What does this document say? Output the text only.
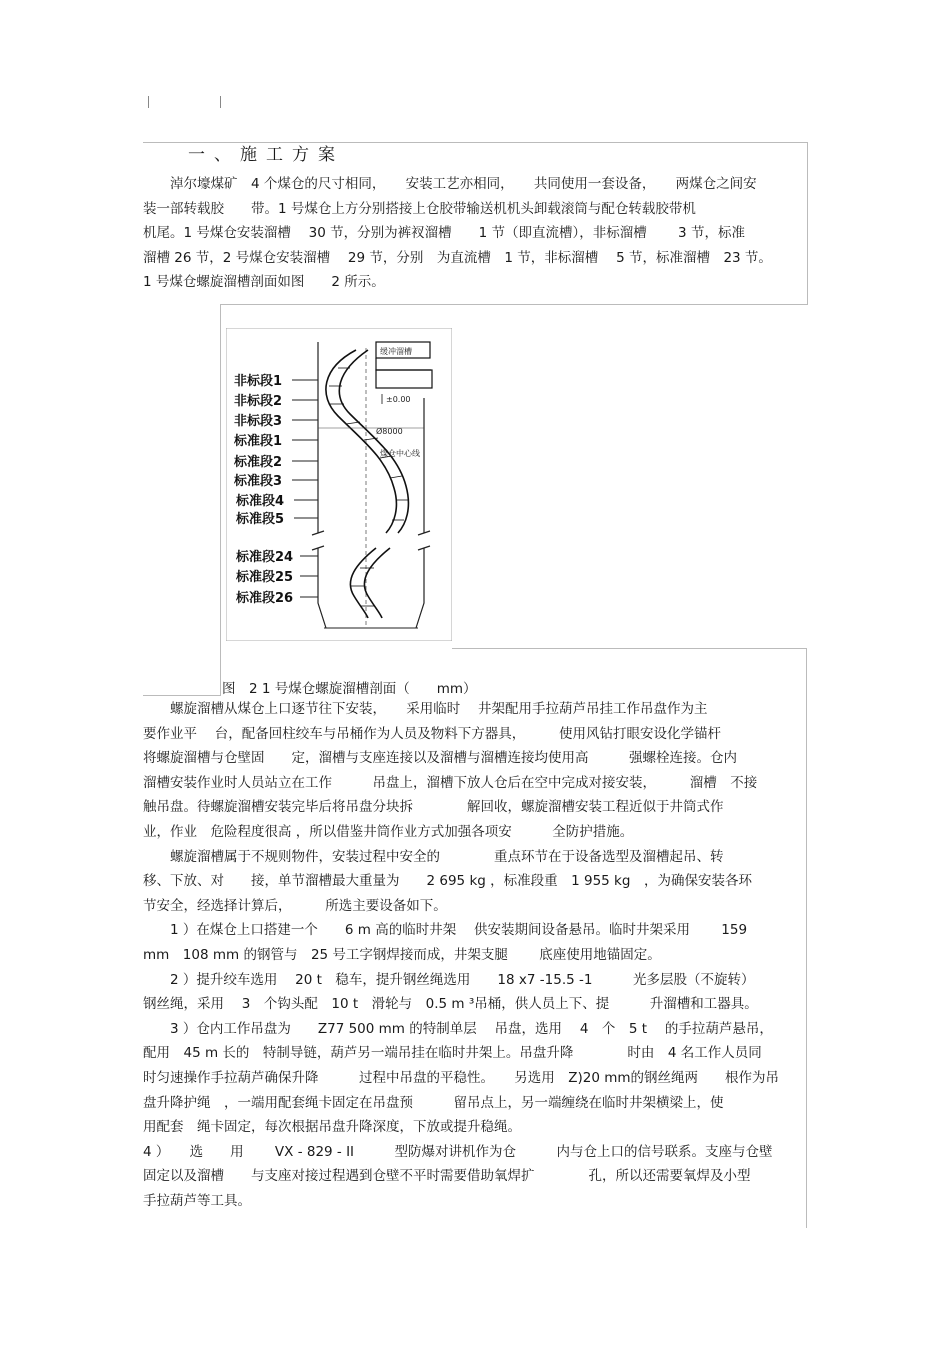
一、施工方案
　　淖尔壕煤矿　4 个煤仓的尺寸相同，　　安装工艺亦相同，　　共同使用一套设备，　　两煤仓之间安
装一部转载胶　　带。1 号煤仓上方分别搭接上仓胶带输送机机头卸载滚筒与配仓转载胶带机
机尾。1 号煤仓安装溜槽　 30 节，分别为裤衩溜槽　　1 节（即直流槽），非标溜槽　　 3 节，标准
溜槽 26 节，2 号煤仓安装溜槽　 29 节，分别　为直流槽　1 节，非标溜槽　 5 节，标准溜槽　23 节。
1 号煤仓螺旋溜槽剖面如图　　2 所示。
非标段1
非标段2
非标段3
标准段1
标准段2
标准段3
标准段4
标准段5
标准段24
标准段25
标准段26
缓冲溜槽
±0.00
Ø8000
煤仓中心线
图　2 1 号煤仓螺旋溜槽剖面（　　mm）
　　螺旋溜槽从煤仓上口逐节往下安装，　　采用临时　 井架配用手拉葫芦吊挂工作吊盘作为主
要作业平　 台，配备回柱绞车与吊桶作为人员及物料下方器具，　　　使用风钻打眼安设化学锚杆
将螺旋溜槽与仓壁固　　定，溜槽与支座连接以及溜槽与溜槽连接均使用高　　　强螺栓连接。仓内
溜槽安装作业时人员站立在工作　　　吊盘上，溜槽下放人仓后在空中完成对接安装，　　　溜槽　不接
触吊盘。待螺旋溜槽安装完毕后将吊盘分块拆　　　　解回收，螺旋溜槽安装工程近似于井筒式作
业，作业　危险程度很高 ，所以借鉴井筒作业方式加强各项安　　　全防护措施。
　　螺旋溜槽属于不规则物件，安装过程中安全的　　　　重点环节在于设备选型及溜槽起吊、转
移、下放、对　　接，单节溜槽最大重量为　　2 695 kg ，标准段重　1 955 kg　，为确保安装各环
节安全，经选择计算后，　　　所选主要设备如下。
　　1 ）在煤仓上口搭建一个　　6 m 高的临时井架　 供安装期间设备悬吊。临时井架采用　　 159
mm　108 mm 的钢管与　25 号工字钢焊接而成，井架支腿　　 底座使用地锚固定。
　　2 ）提升绞车选用　 20 t　稳车，提升钢丝绳选用　　18 x7 -15.5 -1　　　光多层股（不旋转）
钢丝绳，采用　 3　个钩头配　10 t　滑轮与　0.5 m ³吊桶，供人员上下、提　　　升溜槽和工器具。
　　3 ）仓内工作吊盘为　　Z77 500 mm 的特制单层　 吊盘，选用　 4　个　5 t　 的手拉葫芦悬吊，
配用　45 m 长的　特制导链，葫芦另一端吊挂在临时井架上。吊盘升降　　　　时由　4 名工作人员同
时匀速操作手拉葫芦确保升降　　　过程中吊盘的平稳性。　　另选用　Z)20 mm的钢丝绳两　　根作为吊
盘升降护绳　，一端用配套绳卡固定在吊盘预　　　留吊点上，另一端缠绕在临时井架横梁上，使
用配套　绳卡固定，每次根据吊盘升降深度，下放或提升稳绳。
4 ）　　选　　用　　 VX - 829 - II　　　型防爆对讲机作为仓　　　内与仓上口的信号联系。支座与仓壁
固定以及溜槽　　与支座对接过程遇到仓壁不平时需要借助氧焊扩　　　　孔，所以还需要氧焊及小型
手拉葫芦等工具。
